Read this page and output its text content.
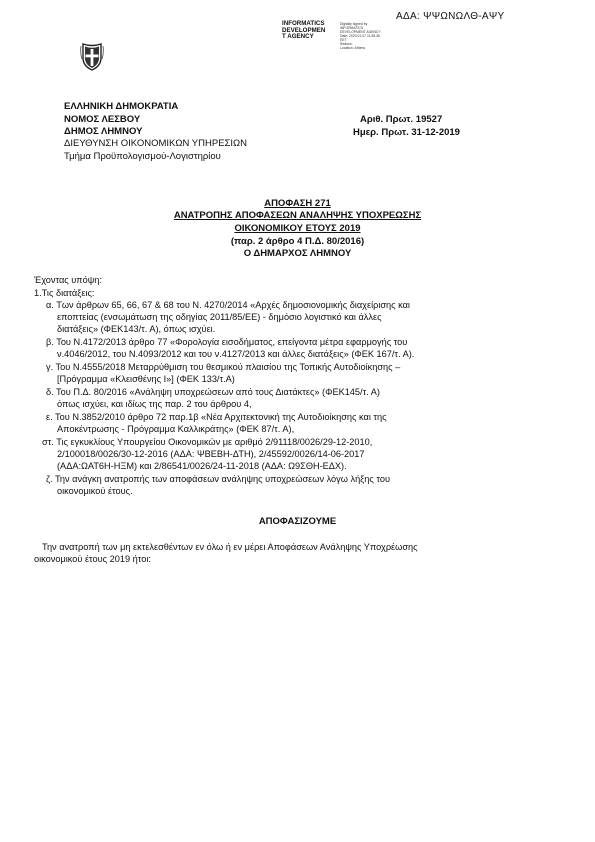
ΑΔΑ: ΨΨΩΝΩΛΘ-ΑΨΥ
INFORMATICS
DEVELOPMEN
T AGENCY
Digitally signed by
INFORMATICS
DEVELOPMENT AGENCY
Date: 2020.01.07 11:35:36
EET
Reason:
Location: Athens
ΕΛΛΗΝΙΚΗ ΔΗΜΟΚΡΑΤΙΑ
ΝΟΜΟΣ ΛΕΣΒΟΥ
ΔΗΜΟΣ ΛΗΜΝΟΥ
ΔΙΕΥΘΥΝΣΗ ΟΙΚΟΝΟΜΙΚΩΝ ΥΠΗΡΕΣΙΩΝ
Τμήμα Προϋπολογισμού-Λογιστηρίου
Αριθ. Πρωτ. 19527
Ημερ. Πρωτ. 31-12-2019
ΑΠΟΦΑΣΗ 271
ΑΝΑΤΡΟΠΗΣ ΑΠΟΦΑΣΕΩΝ ΑΝΑΛΗΨΗΣ ΥΠΟΧΡΕΩΣΗΣ
ΟΙΚΟΝΟΜΙΚΟΥ ΕΤΟΥΣ 2019
(παρ. 2 άρθρο 4 Π.Δ. 80/2016)
Ο ΔΗΜΑΡΧΟΣ ΛΗΜΝΟΥ
Έχοντας υπόψη:
1.Τις διατάξεις:
α. Των άρθρων 65, 66, 67 & 68 του Ν. 4270/2014 «Αρχές δημοσιονομικής διαχείρισης και
εποπτείας (ενσωμάτωση της οδηγίας 2011/85/ΕΕ) - δημόσιο λογιστικό και άλλες
διατάξεις» (ΦΕΚ143/τ. Α), όπως ισχύει.
β. Του Ν.4172/2013 άρθρο 77 «Φορολογία εισοδήματος, επείγοντα μέτρα εφαρμογής του
ν.4046/2012, του Ν.4093/2012 και του ν.4127/2013 και άλλες διατάξεις» (ΦΕΚ 167/τ. Α).
γ. Του Ν.4555/2018 Μεταρρύθμιση του θεσμικού πλαισίου της Τοπικής Αυτοδιοίκησης –
[Πρόγραμμα «Κλεισθένης Ι»] (ΦΕΚ 133/τ.Α)
δ. Του Π.Δ. 80/2016 «Ανάληψη υποχρεώσεων από τους Διατάκτες» (ΦΕΚ145/τ. Α)
όπως ισχύει, και ιδίως της παρ. 2 του άρθρου 4,
ε. Του Ν.3852/2010 άρθρο 72 παρ.1β «Νέα Αρχιτεκτονική της Αυτοδιοίκησης και της
Αποκέντρωσης - Πρόγραμμα Καλλικράτης» (ΦΕΚ 87/τ. Α),
στ. Τις εγκυκλίους Υπουργείου Οικονομικών με αριθμό 2/91118/0026/29-12-2010,
2/100018/0026/30-12-2016 (ΑΔΑ: ΨΒΕΒΗ-ΔΤΗ), 2/45592/0026/14-06-2017
(ΑΔΑ:ΩΑΤ6Η-ΗΞΜ) και 2/86541/0026/24-11-2018 (ΑΔΑ: Ω9ΣΘΗ-ΕΔΧ).
ζ. Την ανάγκη ανατροπής των αποφάσεων ανάληψης υποχρεώσεων λόγω λήξης του
οικονομικού έτους.
ΑΠΟΦΑΣΙΖΟΥΜΕ
Την ανατροπή των μη εκτελεσθέντων εν όλω ή εν μέρει Αποφάσεων Ανάληψης Υποχρέωσης
οικονομικού έτους 2019 ήτοι:
